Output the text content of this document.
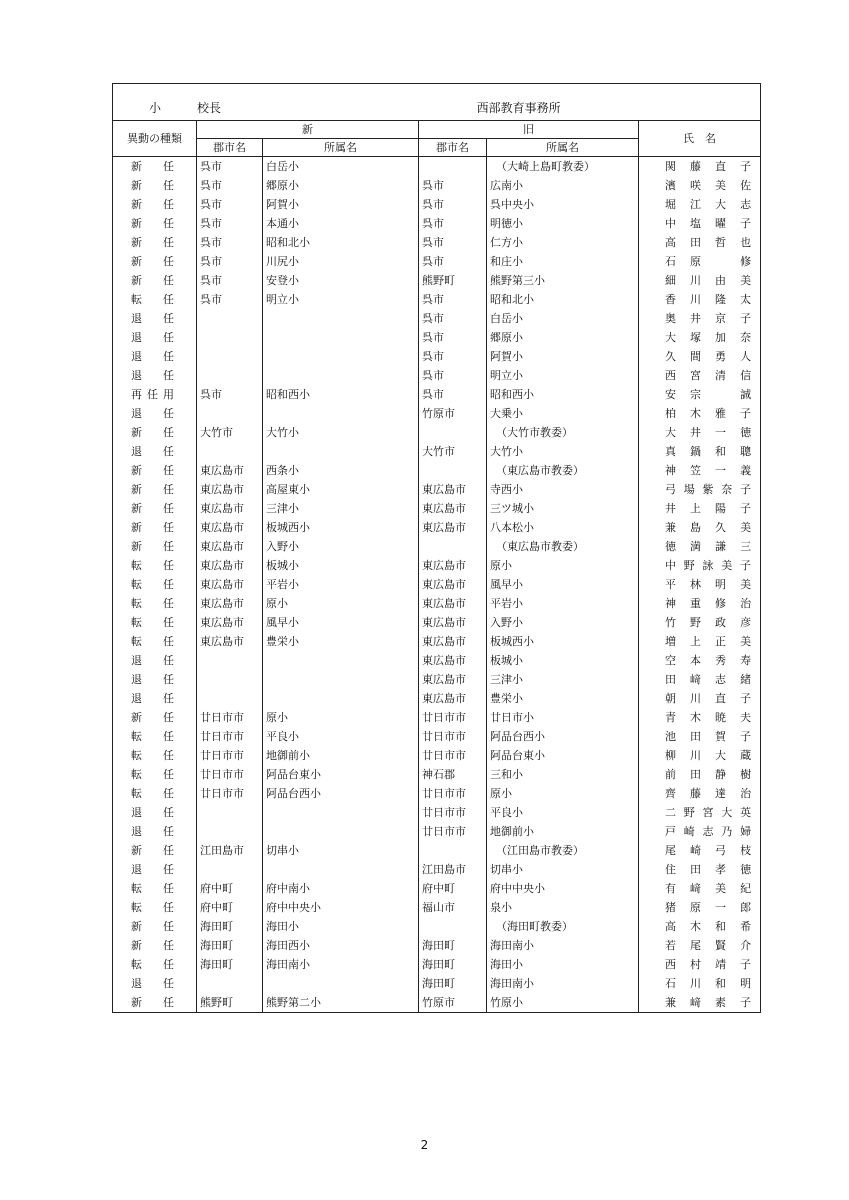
小　　　校長 西部教育事務所					
異動の種類	新		旧		氏　名
	郡市名	所属名	郡市名	所属名	
新　任	呉市	白岳小		（大崎上島町教委）	関藤直子
新　任	呉市	郷原小	呉市	広南小	濱咲美佐
新　任	呉市	阿賀小	呉市	呉中央小	堀江大志
新　任	呉市	本通小	呉市	明徳小	中塩曜子
新　任	呉市	昭和北小	呉市	仁方小	高田哲也
新　任	呉市	川尻小	呉市	和庄小	石原　修
新　任	呉市	安登小	熊野町	熊野第三小	細川由美
転　任	呉市	明立小	呉市	昭和北小	香川隆太
退　任			呉市	白岳小	奥井京子
退　任			呉市	郷原小	大塚加奈
退　任			呉市	阿賀小	久間勇人
退　任			呉市	明立小	西宮清信
再任用	呉市	昭和西小	呉市	昭和西小	安宗　誠
退　任			竹原市	大乗小	柏木雅子
新　任	大竹市	大竹小		（大竹市教委）	大井一徳
退　任			大竹市	大竹小	真鍋和聰
新　任	東広島市	西条小		（東広島市教委）	神笠一義
新　任	東広島市	高屋東小	東広島市	寺西小	弓場紫奈子
新　任	東広島市	三津小	東広島市	三ツ城小	井上陽子
新　任	東広島市	板城西小	東広島市	八本松小	兼島久美
新　任	東広島市	入野小		（東広島市教委）	徳満謙三
転　任	東広島市	板城小	東広島市	原小	中野詠美子
転　任	東広島市	平岩小	東広島市	風早小	平林明美
転　任	東広島市	原小	東広島市	平岩小	神重修治
転　任	東広島市	風早小	東広島市	入野小	竹野政彦
転　任	東広島市	豊栄小	東広島市	板城西小	増上正美
退　任			東広島市	板城小	空本秀寿
退　任			東広島市	三津小	田﨑志緒
退　任			東広島市	豊栄小	朝川直子
新　任	廿日市市	原小	廿日市市	廿日市小	青木暁夫
転　任	廿日市市	平良小	廿日市市	阿品台西小	池田賀子
転　任	廿日市市	地御前小	廿日市市	阿品台東小	柳川大蔵
転　任	廿日市市	阿品台東小	神石郡	三和小	前田静樹
転　任	廿日市市	阿品台西小	廿日市市	原小	齊藤達治
退　任			廿日市市	平良小	二野宮大英
退　任			廿日市市	地御前小	戸崎志乃婦
新　任	江田島市	切串小		（江田島市教委）	尾崎弓枝
退　任			江田島市	切串小	住田孝徳
転　任	府中町	府中南小	府中町	府中中央小	有﨑美紀
転　任	府中町	府中中央小	福山市	泉小	猪原一郎
新　任	海田町	海田小		（海田町教委）	高木和希
新　任	海田町	海田西小	海田町	海田南小	若尾賢介
転　任	海田町	海田南小	海田町	海田小	西村靖子
退　任			海田町	海田南小	石川和明
新　任	熊野町	熊野第二小	竹原市	竹原小	兼﨑素子
2
